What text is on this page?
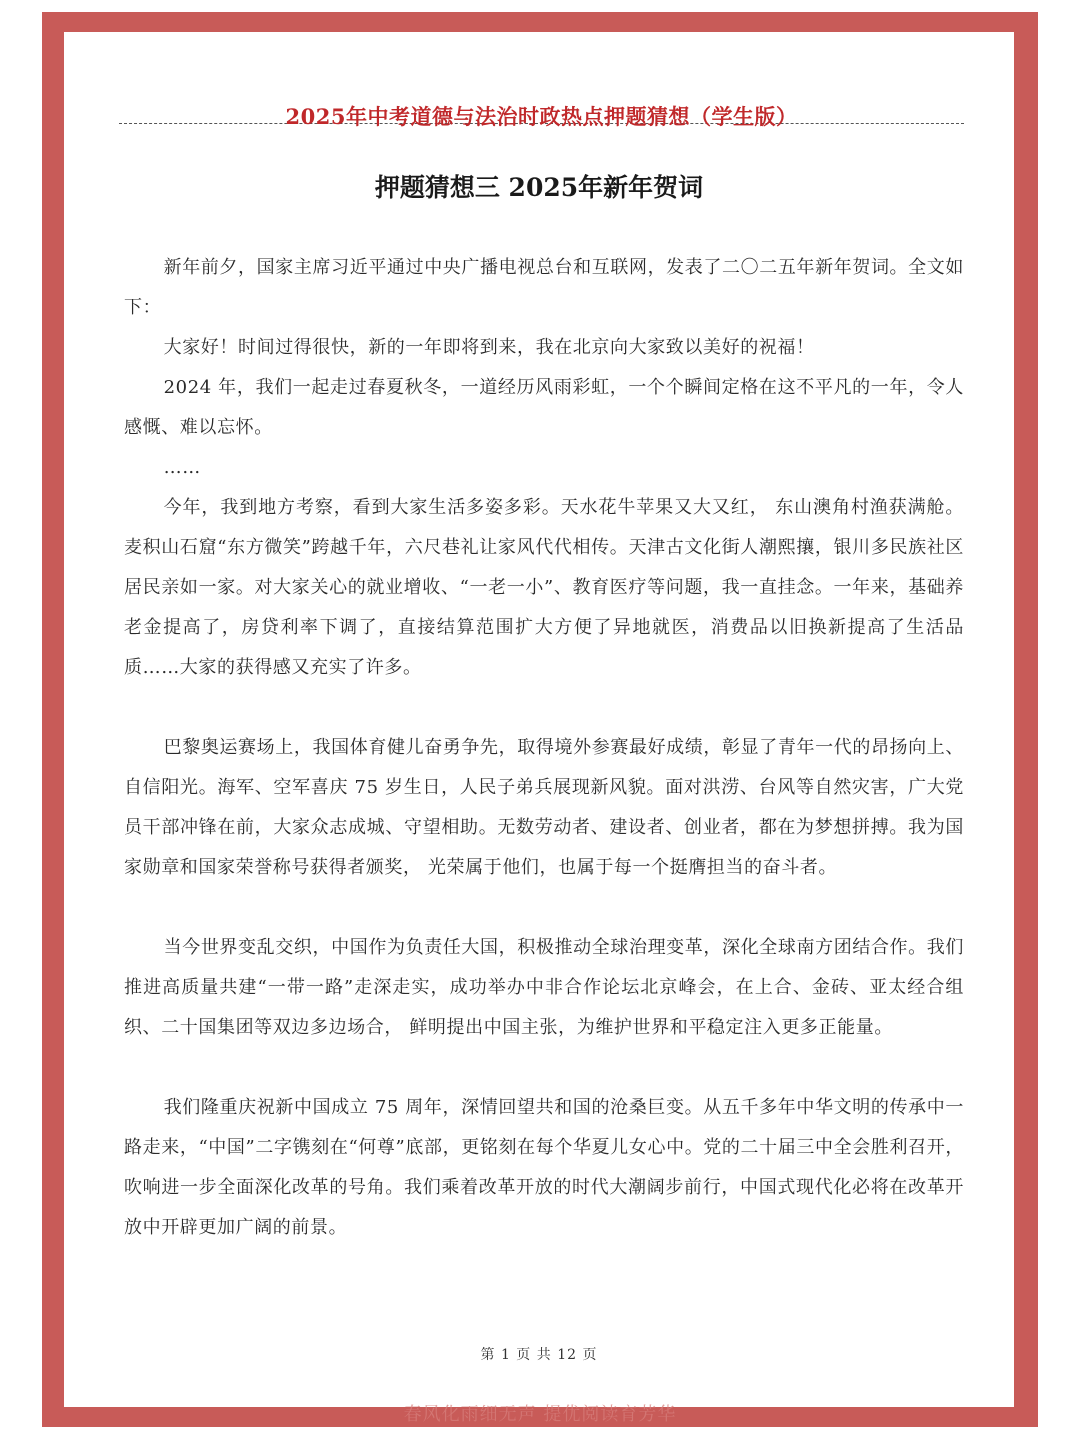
2025年中考道德与法治时政热点押题猜想（学生版）
押题猜想三 2025年新年贺词

新年前夕，国家主席习近平通过中央广播电视总台和互联网，发表了二〇二五年新年贺词。全文如下：

大家好！时间过得很快，新的一年即将到来，我在北京向大家致以美好的祝福！

2024 年，我们一起走过春夏秋冬，一道经历风雨彩虹，一个个瞬间定格在这不平凡的一年，令人感慨、难以忘怀。

……

今年，我到地方考察，看到大家生活多姿多彩。天水花牛苹果又大又红， 东山澳角村渔获满舱。麦积山石窟“东方微笑”跨越千年，六尺巷礼让家风代代相传。天津古文化街人潮熙攘，银川多民族社区居民亲如一家。对大家关心的就业增收、“一老一小”、教育医疗等问题，我一直挂念。一年来，基础养老金提高了，房贷利率下调了，直接结算范围扩大方便了异地就医，消费品以旧换新提高了生活品质……大家的获得感又充实了许多。

巴黎奥运赛场上，我国体育健儿奋勇争先，取得境外参赛最好成绩，彰显了青年一代的昂扬向上、自信阳光。海军、空军喜庆 75 岁生日，人民子弟兵展现新风貌。面对洪涝、台风等自然灾害，广大党员干部冲锋在前，大家众志成城、守望相助。无数劳动者、建设者、创业者，都在为梦想拼搏。我为国家勋章和国家荣誉称号获得者颁奖， 光荣属于他们，也属于每一个挺膺担当的奋斗者。

当今世界变乱交织，中国作为负责任大国，积极推动全球治理变革，深化全球南方团结合作。我们推进高质量共建“一带一路”走深走实，成功举办中非合作论坛北京峰会，在上合、金砖、亚太经合组织、二十国集团等双边多边场合， 鲜明提出中国主张，为维护世界和平稳定注入更多正能量。

我们隆重庆祝新中国成立 75 周年，深情回望共和国的沧桑巨变。从五千多年中华文明的传承中一路走来，“中国”二字镌刻在“何尊”底部，更铭刻在每个华夏儿女心中。党的二十届三中全会胜利召开，吹响进一步全面深化改革的号角。我们乘着改革开放的时代大潮阔步前行，中国式现代化必将在改革开放中开辟更加广阔的前景。

第 1 页 共 12 页
春风化雨细无声 提优阅读育芳华
